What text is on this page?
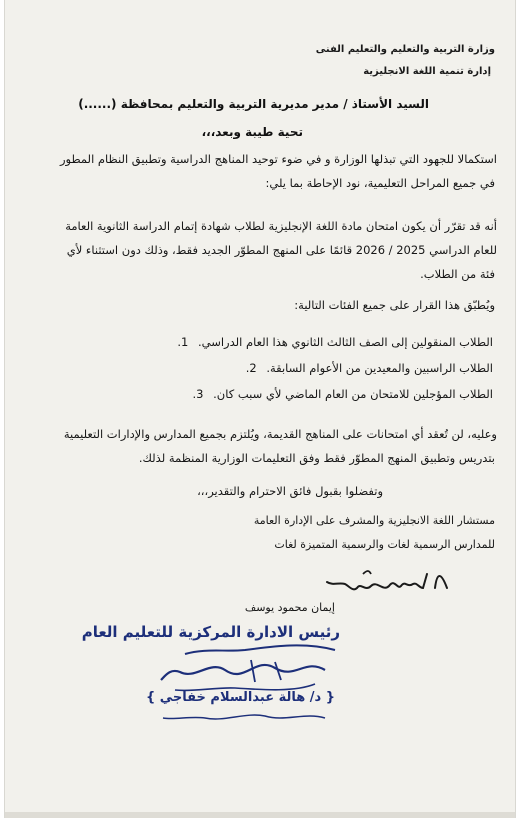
وزارة التربية والتعليم والتعليم الفنى
إدارة تنمية اللغة الانجليزية
السيد الأستاذ / مدير مديرية التربية والتعليم بمحافظة (......)
تحية طيبة وبعد،،،
استكمالا للجهود التي تبذلها الوزارة و في ضوء توحيد المناهج الدراسية وتطبيق النظام المطور
في جميع المراحل التعليمية، نود الإحاطة بما يلي:
أنه قد تقرّر أن يكون امتحان مادة اللغة الإنجليزية لطلاب شهادة إتمام الدراسة الثانوية العامة
للعام الدراسي 2025 / 2026 قائمًا على المنهج المطوّر الجديد فقط، وذلك دون استثناء لأي
فئة من الطلاب.
ويُطبّق هذا القرار على جميع الفئات التالية:
الطلاب المنقولين إلى الصف الثالث الثانوي هذا العام الدراسي. 1.
الطلاب الراسبين والمعيدين من الأعوام السابقة. 2.
الطلاب المؤجلين للامتحان من العام الماضي لأي سبب كان. 3.
وعليه، لن تُعقد أي امتحانات على المناهج القديمة، ويُلتزم بجميع المدارس والإدارات التعليمية
بتدريس وتطبيق المنهج المطوّر فقط وفق التعليمات الوزارية المنظمة لذلك.
وتفضلوا بقبول فائق الاحترام والتقدير،،،
مستشار اللغة الانجليزية والمشرف على الإدارة العامة
للمدارس الرسمية لغات والرسمية المتميزة لغات
إيمان محمود يوسف
رئيس الادارة المركزية للتعليم العام
{ د/ هالة عبدالسلام خفاجي }
